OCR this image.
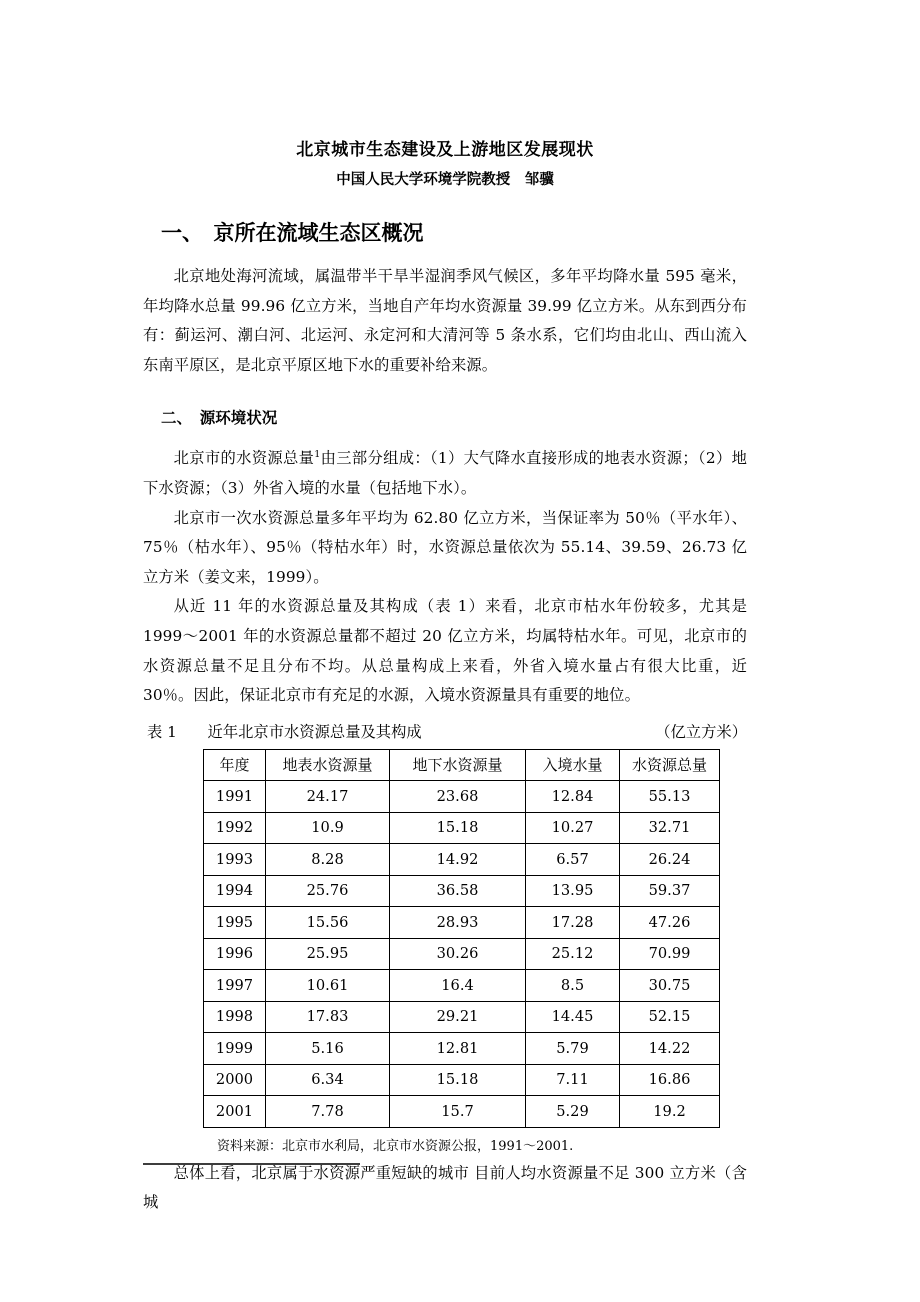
北京城市生态建设及上游地区发展现状
中国人民大学环境学院教授　邹骥
一、　京所在流域生态区概况

北京地处海河流域，属温带半干旱半湿润季风气候区，多年平均降水量 595 毫米，年均降水总量 99.96 亿立方米，当地自产年均水资源量 39.99 亿立方米。从东到西分布有：蓟运河、潮白河、北运河、永定河和大清河等 5 条水系，它们均由北山、西山流入东南平原区，是北京平原区地下水的重要补给来源。

二、　源环境状况

北京市的水资源总量$^1$由三部分组成：（1）大气降水直接形成的地表水资源；（2）地下水资源；（3）外省入境的水量（包括地下水）。

北京市一次水资源总量多年平均为 62.80 亿立方米，当保证率为 50％（平水年）、75％（枯水年）、95％（特枯水年）时，水资源总量依次为 55.14、39.59、26.73 亿立方米（姜文来，1999）。

从近 11 年的水资源总量及其构成（表 1）来看，北京市枯水年份较多，尤其是 1999～2001 年的水资源总量都不超过 20 亿立方米，均属特枯水年。可见，北京市的水资源总量不足且分布不均。从总量构成上来看，外省入境水量占有很大比重，近 30％。因此，保证北京市有充足的水源，入境水资源量具有重要的地位。

表 1　　 近年北京市水资源总量及其构成	（亿立方米）
年度	地表水资源量	地下水资源量	入境水量	水资源总量
1991	24.17	23.68	12.84	55.13
1992	10.9	15.18	10.27	32.71
1993	8.28	14.92	6.57	26.24
1994	25.76	36.58	13.95	59.37
1995	15.56	28.93	17.28	47.26
1996	25.95	30.26	25.12	70.99
1997	10.61	16.4	8.5	30.75
1998	17.83	29.21	14.45	52.15
1999	5.16	12.81	5.79	14.22
2000	6.34	15.18	7.11	16.86
2001	7.78	15.7	5.29	19.2
资料来源：北京市水利局，北京市水资源公报，1991～2001.

总体上看，北京属于水资源严重短缺的城市 目前人均水资源量不足 300 立方米（含城
